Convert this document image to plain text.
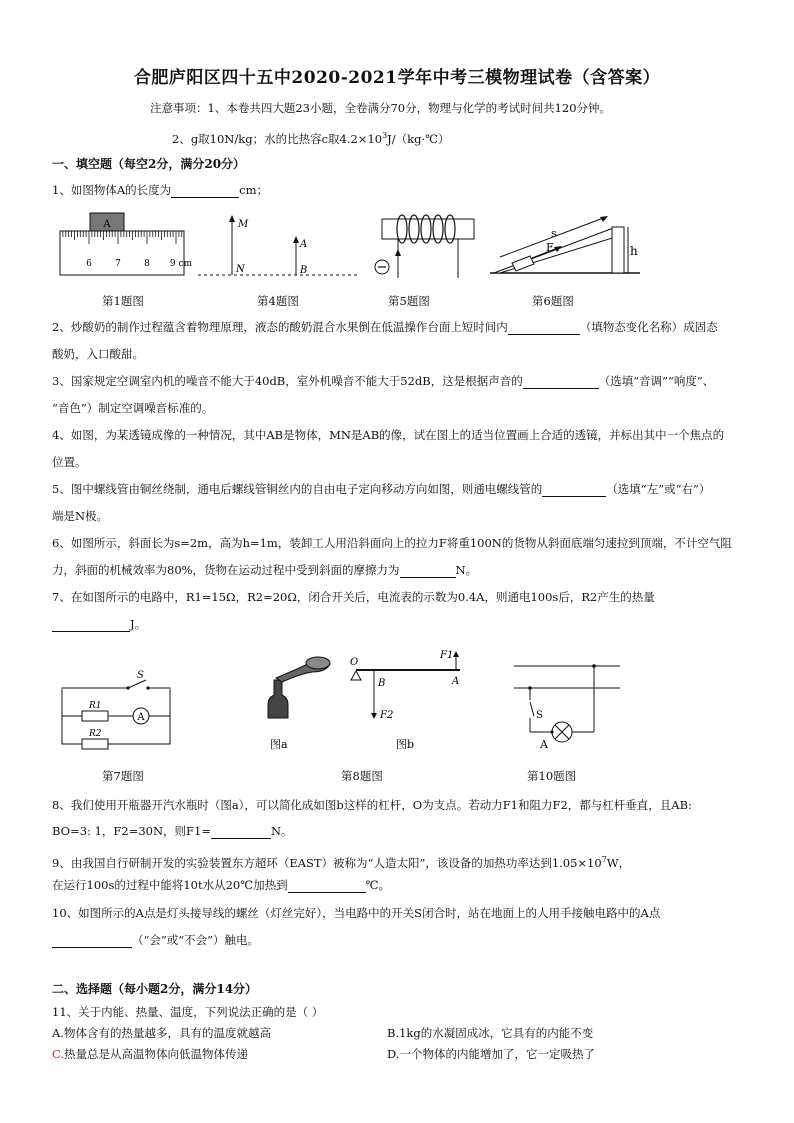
合肥庐阳区四十五中2020-2021学年中考三模物理试卷（含答案）
注意事项：1、本卷共四大题23小题，全卷满分70分，物理与化学的考试时间共120分钟。
2、g取10N/kg；水的比热容c取$4.2\times 10^3J/(kg\cdot℃)$
一、填空题（每空2分，满分20分）
1、如图物体A的长度为	cm；
A
6	7	8 9 cm
M
N
A
B
h
s
F
第1题图	第4题图	第5题图	第6题图
2、炒酸奶的制作过程蕴含着物理原理，液态的酸奶混合水果倒在低温操作台面上短时间内	（填物态变化名称）成固态
酸奶，入口酸甜。
3、国家规定空调室内机的噪音不能大于40dB，室外机噪音不能大于52dB，这是根据声音的	（选填“音调”“响度”、
“音色”）制定空调噪音标准的。
4、如图，为某透镜成像的一种情况，其中AB是物体，MN是AB的像，试在图上的适当位置画上合适的透镜，并标出其中一个焦点的
位置。
5、图中螺线管由铜丝绕制，通电后螺线管铜丝内的自由电子定向移动方向如图，则通电螺线管的	（选填“左”或“右”）
端是N极。
6、如图所示，斜面长为s=2m，高为h=1m，装卸工人用沿斜面向上的拉力F将重100N的货物从斜面底端匀速拉到顶端，不计空气阻
力，斜面的机械效率为80%，货物在运动过程中受到斜面的摩擦力为	N。
7、在如图所示的电路中，R1=15Ω，R2=20Ω，闭合开关后，电流表的示数为0.4A，则通电100s后，R2产生的热量
J。
S
R1
A
R2
图a
O
B	A
F1
F2
图b
S
A
第7题图	第8题图	第10题图
8、我们使用开瓶器开汽水瓶时（图a），可以简化成如图b这样的杠杆，O为支点。若动力F1和阻力F2，都与杠杆垂直，且AB:
BO=3: 1，F2=30N，则F1=	N。
9、由我国自行研制开发的实验装置东方超环（EAST）被称为“人造太阳”，该设备的加热功率达到$1.05\times 10^7W$，
在运行100s的过程中能将10t水从20℃加热到	℃。
10、如图所示的A点是灯头接导线的螺丝（灯丝完好），当电路中的开关S闭合时，站在地面上的人用手接触电路中的A点
（“会”或“不会”）触电。
二、选择题（每小题2分，满分14分）
11、关于内能、热量、温度，下列说法正确的是（ ）
A.物体含有的热量越多，具有的温度就越高	B.1kg的水凝固成冰，它具有的内能不变
C.热量总是从高温物体向低温物体传递	D.一个物体的内能增加了，它一定吸热了
